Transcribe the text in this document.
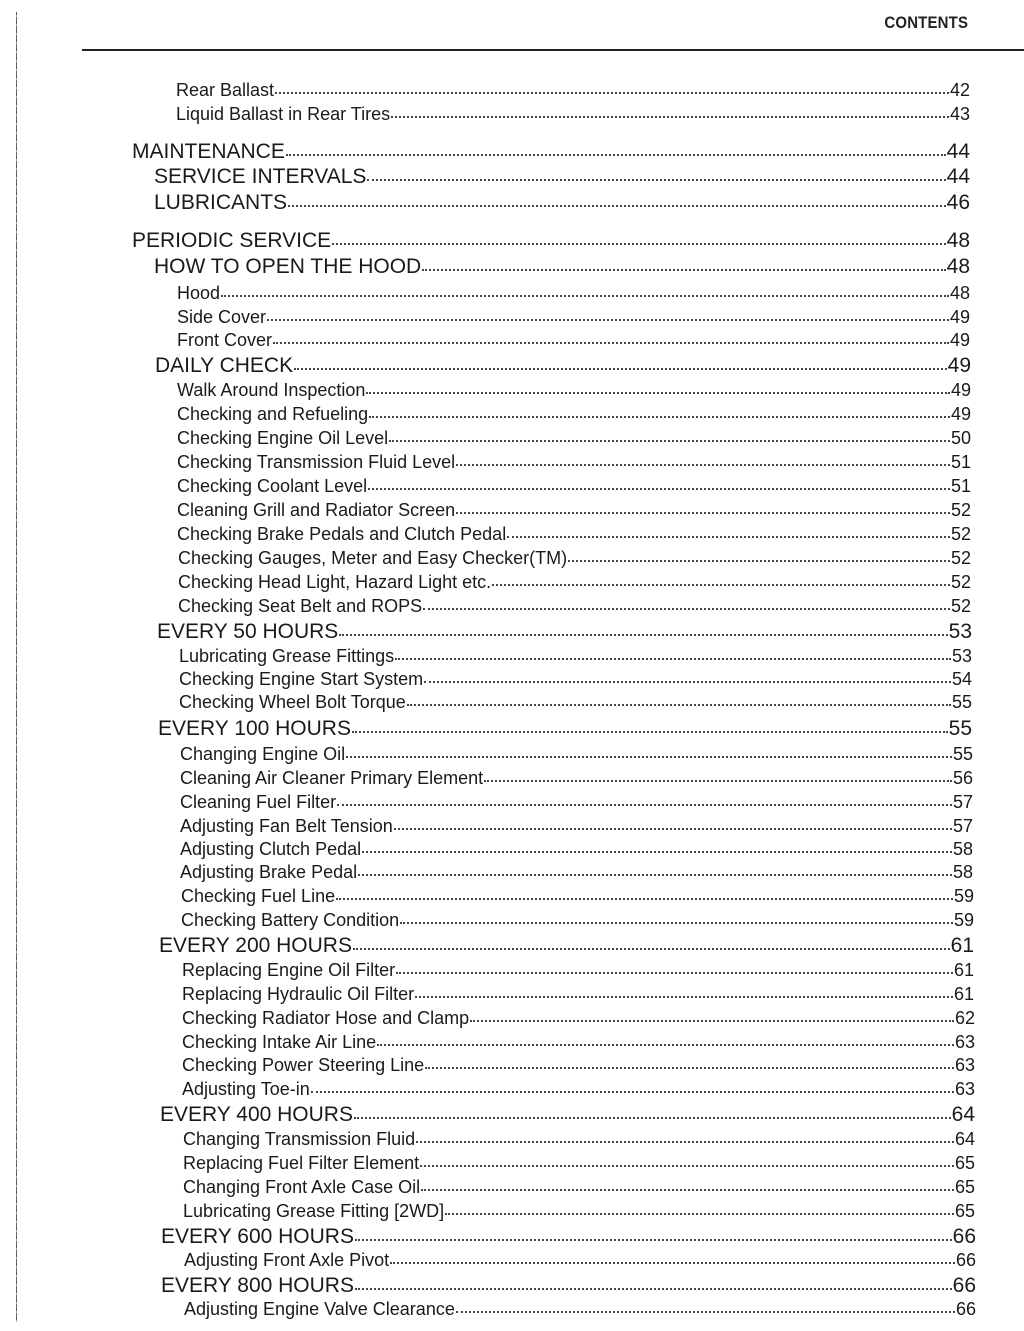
CONTENTS
Rear Ballast	42
Liquid Ballast in Rear Tires	43
MAINTENANCE	44
SERVICE INTERVALS	44
LUBRICANTS	46
PERIODIC SERVICE	48
HOW TO OPEN THE HOOD	48
Hood	48
Side Cover	49
Front Cover	49
DAILY CHECK	49
Walk Around Inspection	49
Checking and Refueling	49
Checking Engine Oil Level	50
Checking Transmission Fluid Level	51
Checking Coolant Level	51
Cleaning Grill and Radiator Screen	52
Checking Brake Pedals and Clutch Pedal	52
Checking Gauges, Meter and Easy Checker(TM)	52
Checking Head Light, Hazard Light etc.	52
Checking Seat Belt and ROPS	52
EVERY 50 HOURS	53
Lubricating Grease Fittings	53
Checking Engine Start System	54
Checking Wheel Bolt Torque	55
EVERY 100 HOURS	55
Changing Engine Oil	55
Cleaning Air Cleaner Primary Element	56
Cleaning Fuel Filter	57
Adjusting Fan Belt Tension	57
Adjusting Clutch Pedal	58
Adjusting Brake Pedal	58
Checking Fuel Line	59
Checking Battery Condition	59
EVERY 200 HOURS	61
Replacing Engine Oil Filter	61
Replacing Hydraulic Oil Filter	61
Checking Radiator Hose and Clamp	62
Checking Intake Air Line	63
Checking Power Steering Line	63
Adjusting Toe-in	63
EVERY 400 HOURS	64
Changing Transmission Fluid	64
Replacing Fuel Filter Element	65
Changing Front Axle Case Oil	65
Lubricating Grease Fitting [2WD]	65
EVERY 600 HOURS	66
Adjusting Front Axle Pivot	66
EVERY 800 HOURS	66
Adjusting Engine Valve Clearance	66
